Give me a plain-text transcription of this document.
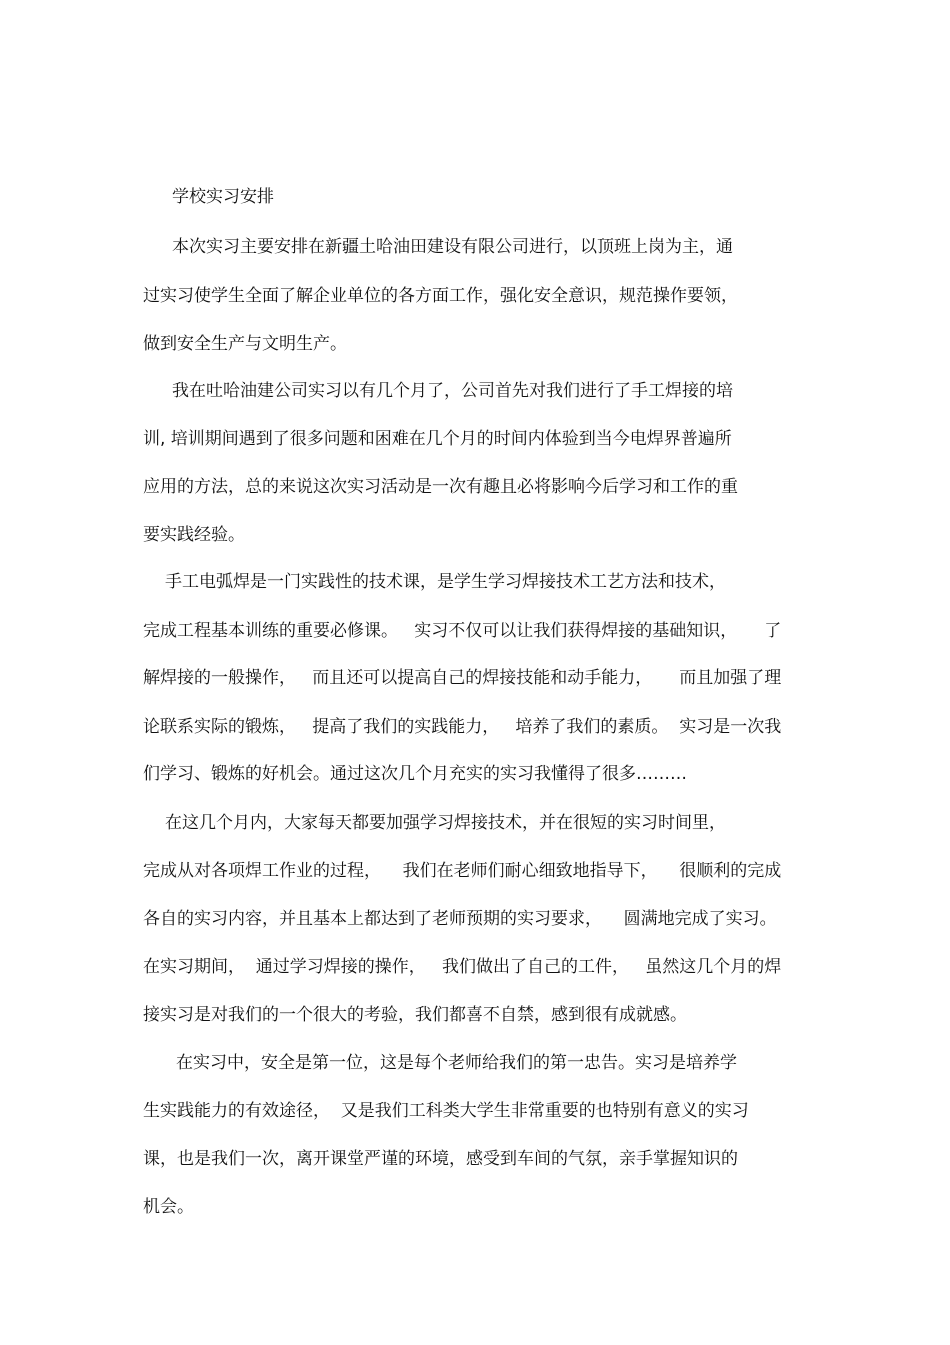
学校实习安排
本次实习主要安排在新疆土哈油田建设有限公司进行，以顶班上岗为主，通
过实习使学生全面了解企业单位的各方面工作，强化安全意识，规范操作要领，
做到安全生产与文明生产。
我在吐哈油建公司实习以有几个月了，公司首先对我们进行了手工焊接的培
训, 培训期间遇到了很多问题和困难在几个月的时间内体验到当今电焊界普遍所
应用的方法，总的来说这次实习活动是一次有趣且必将影响今后学习和工作的重
要实践经验。
手工电弧焊是一门实践性的技术课，是学生学习焊接技术工艺方法和技术，
完成工程基本训练的重要必修课。   实习不仅可以让我们获得焊接的基础知识，     了
解焊接的一般操作，   而且还可以提高自己的焊接技能和动手能力，     而且加强了理
论联系实际的锻炼，   提高了我们的实践能力，   培养了我们的素质。  实习是一次我
们学习、锻炼的好机会。通过这次几个月充实的实习我懂得了很多………
在这几个月内，大家每天都要加强学习焊接技术，并在很短的实习时间里，
完成从对各项焊工作业的过程，    我们在老师们耐心细致地指导下，    很顺利的完成
各自的实习内容，并且基本上都达到了老师预期的实习要求，    圆满地完成了实习。
在实习期间，  通过学习焊接的操作，   我们做出了自己的工件，   虽然这几个月的焊
接实习是对我们的一个很大的考验，我们都喜不自禁，感到很有成就感。
在实习中，安全是第一位，这是每个老师给我们的第一忠告。实习是培养学
生实践能力的有效途径，  又是我们工科类大学生非常重要的也特别有意义的实习
课，也是我们一次，离开课堂严谨的环境，感受到车间的气氛，亲手掌握知识的
机会。
